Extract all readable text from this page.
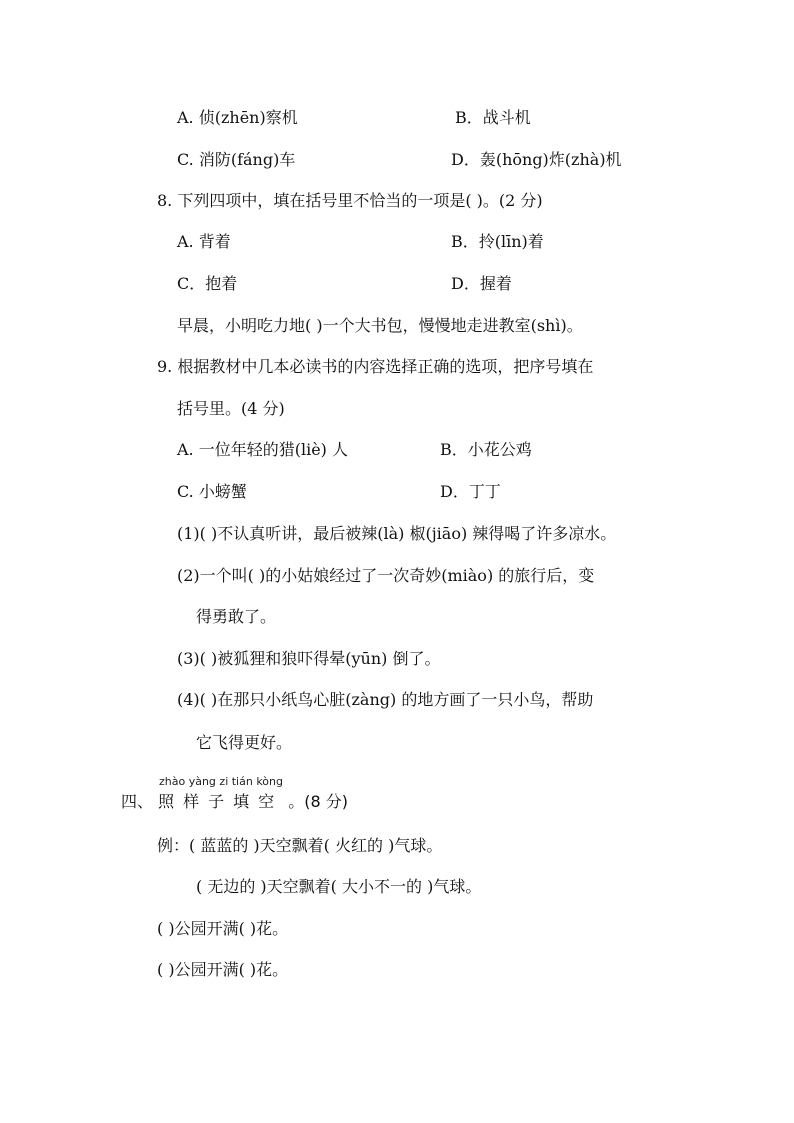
A. 侦(zhēn)察机	B．战斗机
C. 消防(fáng)车	D．轰(hōng)炸(zhà)机
8. 下列四项中，填在括号里不恰当的一项是( )。(2 分)
A. 背着	B．拎(līn)着
C．抱着	D．握着
早晨，小明吃力地( )一个大书包，慢慢地走进教室(shì)。
9. 根据教材中几本必读书的内容选择正确的选项，把序号填在
括号里。(4 分)
A. 一位年轻的猎(liè) 人	B．小花公鸡
C. 小螃蟹	D．丁丁
(1)( )不认真听讲，最后被辣(là) 椒(jiāo) 辣得喝了许多凉水。
(2)一个叫( )的小姑娘经过了一次奇妙(miào) 的旅行后，变
得勇敢了。
(3)( )被狐狸和狼吓得晕(yūn) 倒了。
(4)( )在那只小纸鸟心脏(zàng) 的地方画了一只小鸟，帮助
它飞得更好。
zhào yàng zi tián kòng
四、 照样子填空 。(8 分)
例：( 蓝蓝的 )天空飘着( 火红的 )气球。
( 无边的 )天空飘着( 大小不一的 )气球。
( )公园开满( )花。
( )公园开满( )花。
